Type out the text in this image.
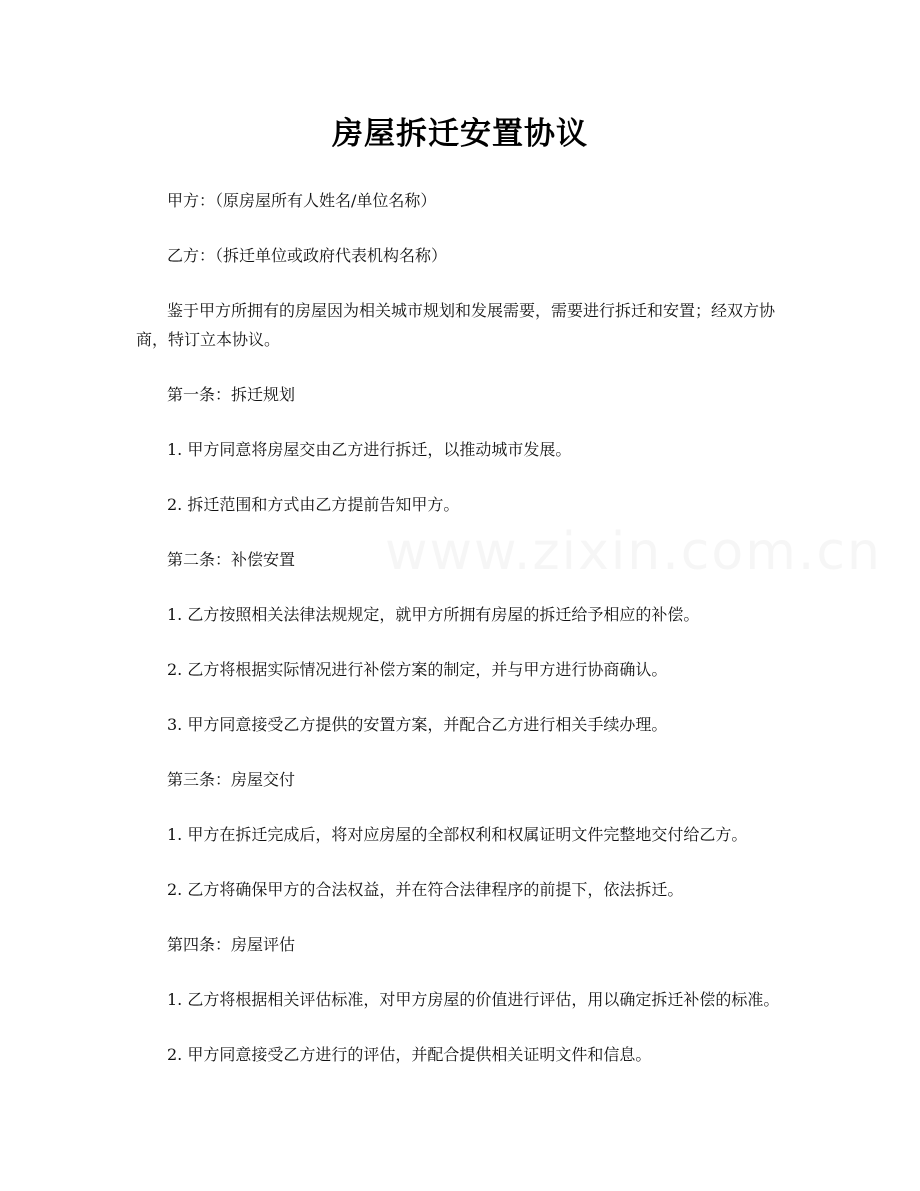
www.zixin.com.cn
房屋拆迁安置协议

甲方：（原房屋所有人姓名/单位名称）

乙方：（拆迁单位或政府代表机构名称）

鉴于甲方所拥有的房屋因为相关城市规划和发展需要，需要进行拆迁和安置；经双方协商，特订立本协议。

第一条：拆迁规划

1. 甲方同意将房屋交由乙方进行拆迁，以推动城市发展。

2. 拆迁范围和方式由乙方提前告知甲方。

第二条：补偿安置

1. 乙方按照相关法律法规规定，就甲方所拥有房屋的拆迁给予相应的补偿。

2. 乙方将根据实际情况进行补偿方案的制定，并与甲方进行协商确认。

3. 甲方同意接受乙方提供的安置方案，并配合乙方进行相关手续办理。

第三条：房屋交付

1. 甲方在拆迁完成后，将对应房屋的全部权利和权属证明文件完整地交付给乙方。

2. 乙方将确保甲方的合法权益，并在符合法律程序的前提下，依法拆迁。

第四条：房屋评估

1. 乙方将根据相关评估标准，对甲方房屋的价值进行评估，用以确定拆迁补偿的标准。

2. 甲方同意接受乙方进行的评估，并配合提供相关证明文件和信息。
